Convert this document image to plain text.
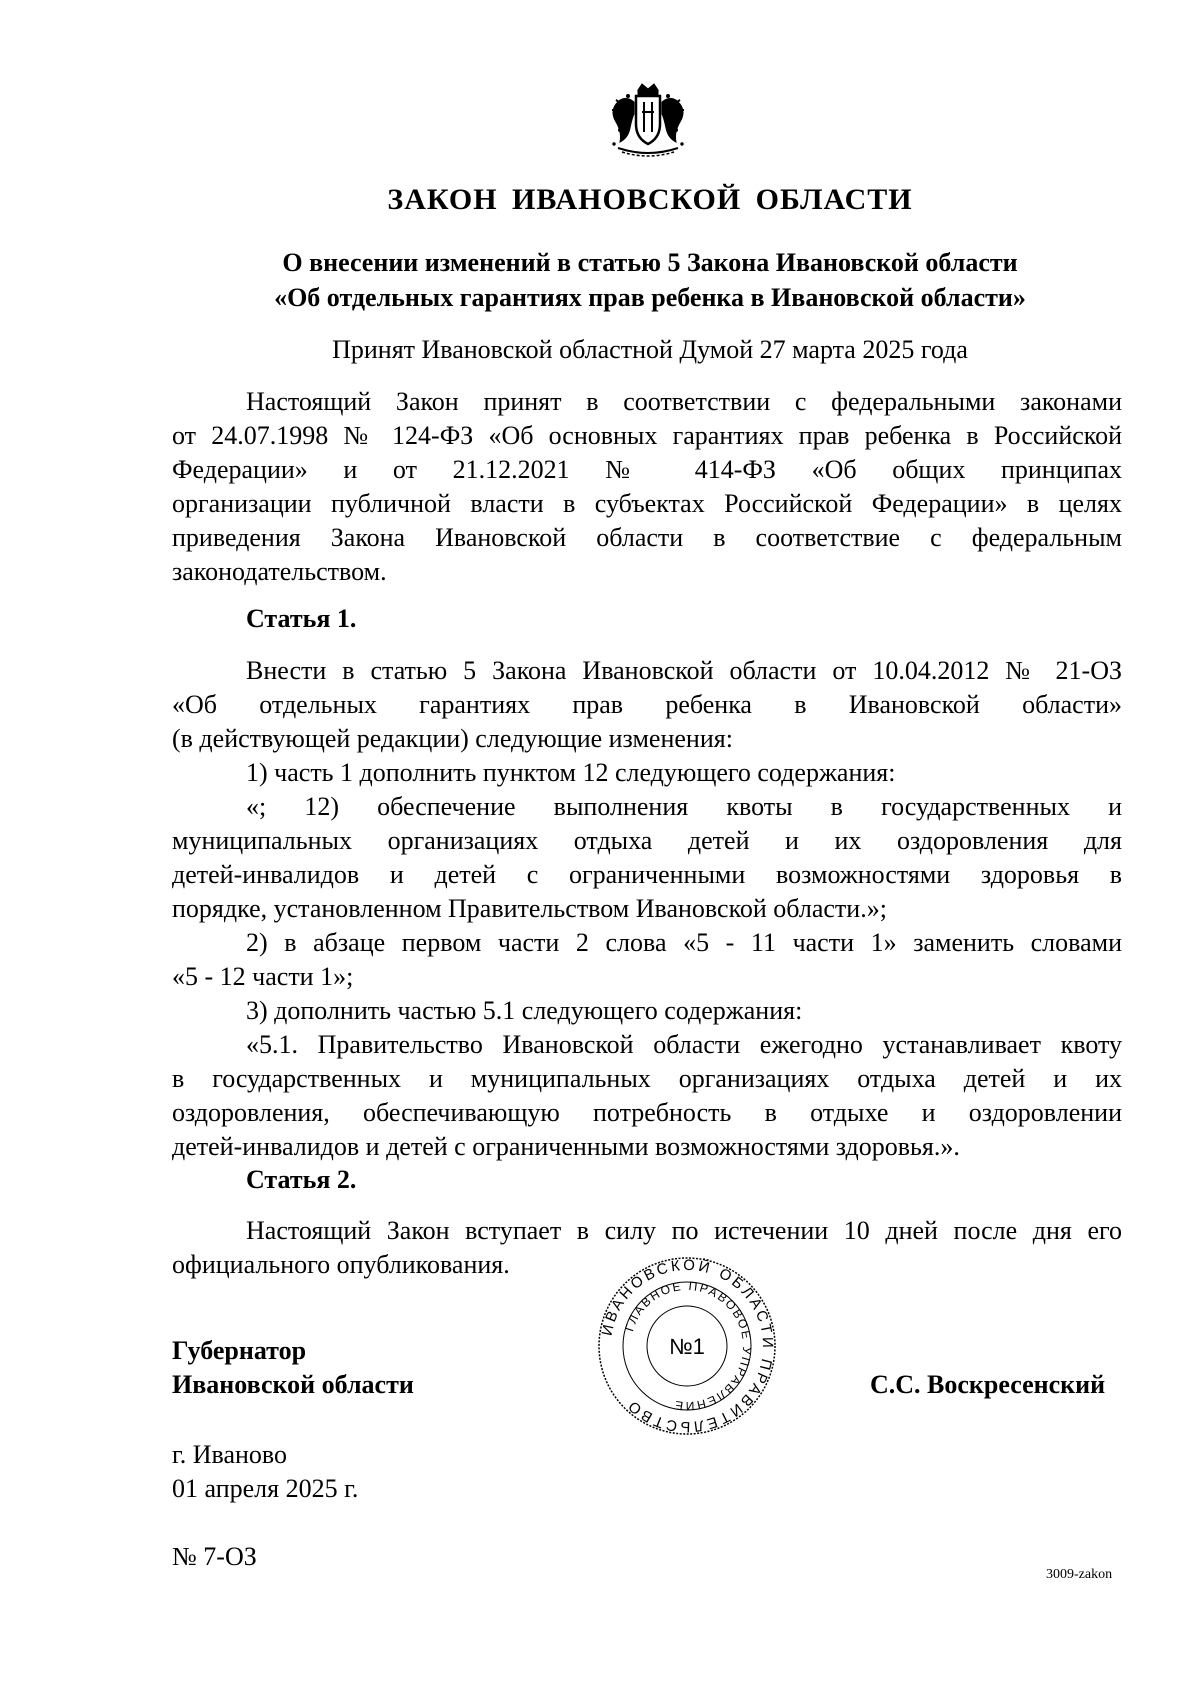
ЗАКОН ИВАНОВСКОЙ ОБЛАСТИ
О внесении изменений в статью 5 Закона Ивановской области
«Об отдельных гарантиях прав ребенка в Ивановской области»
Принят Ивановской областной Думой 27 марта 2025 года
Настоящий Закон принят в соответствии с федеральными законами
от 24.07.1998 № 124-ФЗ «Об основных гарантиях прав ребенка в Российской
Федерации» и от 21.12.2021 № 414-ФЗ «Об общих принципах
организации публичной власти в субъектах Российской Федерации» в целях
приведения Закона Ивановской области в соответствие с федеральным
законодательством.
Статья 1.
Внести в статью 5 Закона Ивановской области от 10.04.2012 № 21-ОЗ
«Об отдельных гарантиях прав ребенка в Ивановской области»
(в действующей редакции) следующие изменения:
1) часть 1 дополнить пунктом 12 следующего содержания:
«; 12) обеспечение выполнения квоты в государственных и
муниципальных организациях отдыха детей и их оздоровления для
детей-инвалидов и детей с ограниченными возможностями здоровья в
порядке, установленном Правительством Ивановской области.»;
2) в абзаце первом части 2 слова «5 - 11 части 1» заменить словами
«5 - 12 части 1»;
3) дополнить частью 5.1 следующего содержания:
«5.1. Правительство Ивановской области ежегодно устанавливает квоту
в государственных и муниципальных организациях отдыха детей и их
оздоровления, обеспечивающую потребность в отдыхе и оздоровлении
детей-инвалидов и детей с ограниченными возможностями здоровья.».
Статья 2.
Настоящий Закон вступает в силу по истечении 10 дней после дня его
официального опубликования.
ИВАНОВСКОЙ ОБЛАСТИ ПРАВИТЕЛЬСТВО
ГЛАВНОЕ ПРАВОВОЕ УПРАВЛЕНИЕ
№1
Губернатор
Ивановской области	С.С. Воскресенский
г. Иваново
01 апреля 2025 г.
№ 7-ОЗ
3009-zakon
